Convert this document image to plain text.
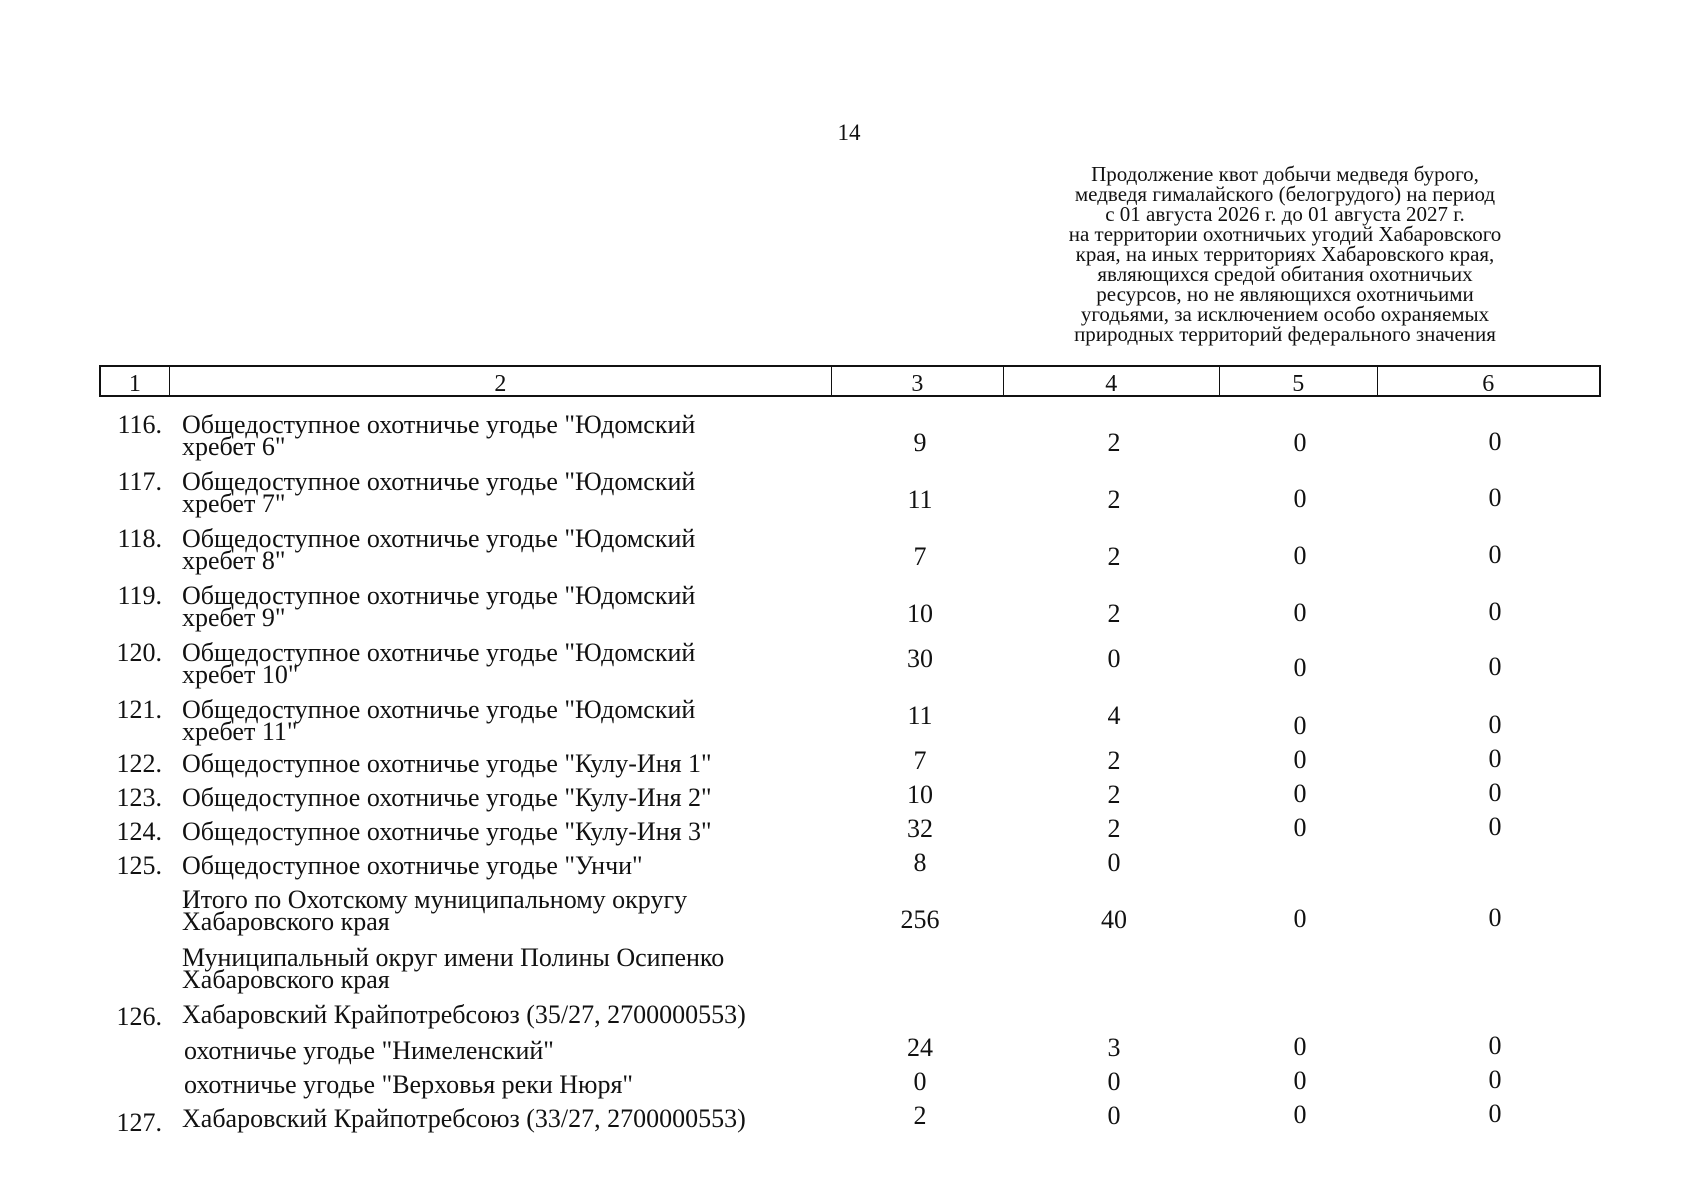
14
Продолжение квот добычи медведя бурого,
медведя гималайского (белогрудого) на период
с 01 августа 2026 г. до 01 августа 2027 г.
на территории охотничьих угодий Хабаровского
края, на иных территориях Хабаровского края,
являющихся средой обитания охотничьих
ресурсов, но не являющихся охотничьими
угодьями, за исключением особо охраняемых
природных территорий федерального значения
1	2	3	4	5	6
116. Общедоступное охотничье угодье "Юдомский
хребет 6"	9	2	0	0
117. Общедоступное охотничье угодье "Юдомский
хребет 7"	11	2	0	0
118. Общедоступное охотничье угодье "Юдомский
хребет 8"	7	2	0	0
119. Общедоступное охотничье угодье "Юдомский
хребет 9"	10	2	0	0
120. Общедоступное охотничье угодье "Юдомский
хребет 10"
30	0	0	0
121. Общедоступное охотничье угодье "Юдомский
хребет 11"
11	4	0	0
122. Общедоступное охотничье угодье "Кулу-Иня 1"	7	2	0	0
123. Общедоступное охотничье угодье "Кулу-Иня 2"	10	2	0	0
124. Общедоступное охотничье угодье "Кулу-Иня 3"	32	2	0	0
125. Общедоступное охотничье угодье "Унчи"	8	0
Итого по Охотскому муниципальному округу
Хабаровского края	256	40	0	0
Муниципальный округ имени Полины Осипенко
Хабаровского края
126. Хабаровский Крайпотребсоюз (35/27, 2700000553)
охотничье угодье "Нимеленский"	24	3	0	0
охотничье угодье "Верховья реки Нюря"	0	0	0	0
127. Хабаровский Крайпотребсоюз (33/27, 2700000553)	2	0	0	0
